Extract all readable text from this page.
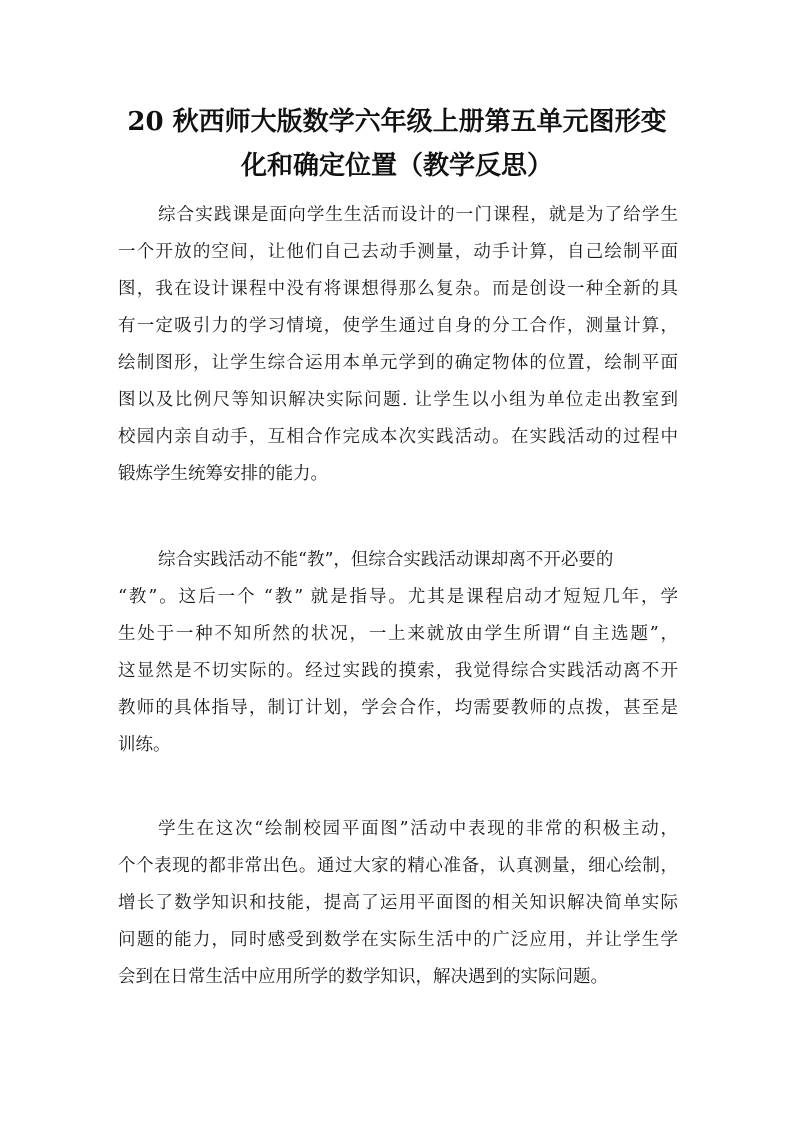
20 秋西师大版数学六年级上册第五单元图形变
化和确定位置（教学反思）

综合实践课是面向学生生活而设计的一门课程，就是为了给学生
一个开放的空间，让他们自己去动手测量，动手计算，自己绘制平面
图，我在设计课程中没有将课想得那么复杂。而是创设一种全新的具
有一定吸引力的学习情境，使学生通过自身的分工合作，测量计算，
绘制图形，让学生综合运用本单元学到的确定物体的位置，绘制平面
图以及比例尺等知识解决实际问题. 让学生以小组为单位走出教室到
校园内亲自动手，互相合作完成本次实践活动。在实践活动的过程中
锻炼学生统筹安排的能力。

综合实践活动不能“教”，但综合实践活动课却离不开必要的
“教”。这后一个 “教” 就是指导。尤其是课程启动才短短几年，学
生处于一种不知所然的状况，一上来就放由学生所谓“自主选题”，
这显然是不切实际的。经过实践的摸索，我觉得综合实践活动离不开
教师的具体指导，制订计划，学会合作，均需要教师的点拨，甚至是
训练。

学生在这次“绘制校园平面图”活动中表现的非常的积极主动，
个个表现的都非常出色。通过大家的精心准备，认真测量，细心绘制，
增长了数学知识和技能，提高了运用平面图的相关知识解决简单实际
问题的能力，同时感受到数学在实际生活中的广泛应用，并让学生学
会到在日常生活中应用所学的数学知识，解决遇到的实际问题。
